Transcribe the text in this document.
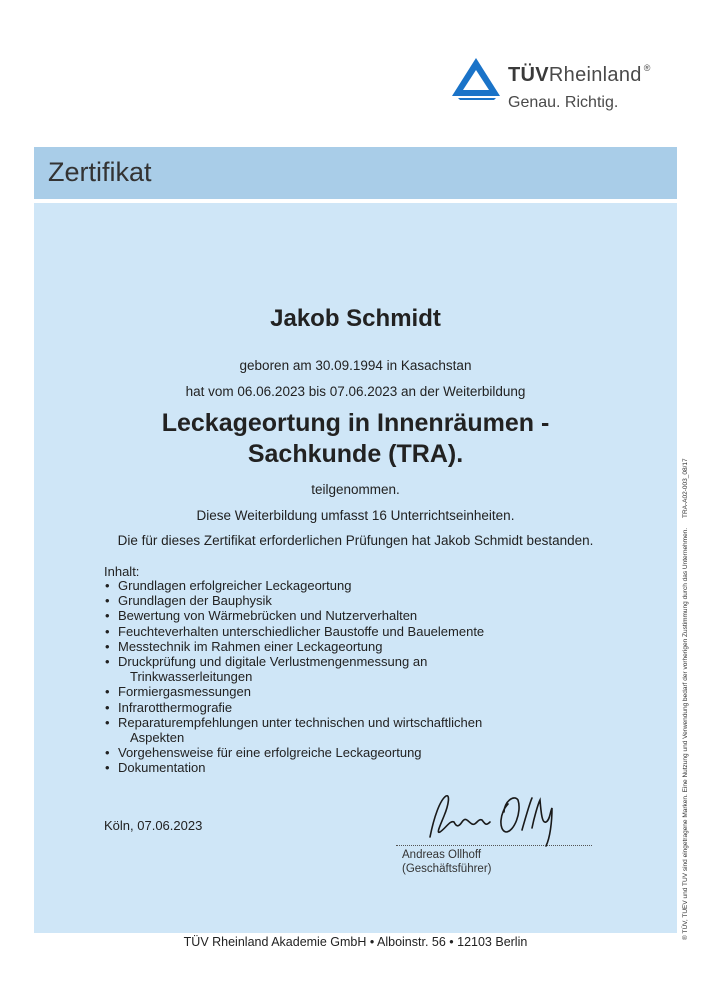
TÜVRheinland ®
Genau. Richtig.
Zertifikat
Jakob Schmidt
geboren am 30.09.1994 in Kasachstan
hat vom 06.06.2023 bis 07.06.2023 an der Weiterbildung
Leckageortung in Innenräumen -
Sachkunde (TRA).
teilgenommen.
Diese Weiterbildung umfasst 16 Unterrichtseinheiten.
Die für dieses Zertifikat erforderlichen Prüfungen hat Jakob Schmidt bestanden.
Inhalt:
• Grundlagen erfolgreicher Leckageortung
• Grundlagen der Bauphysik
• Bewertung von Wärmebrücken und Nutzerverhalten
• Feuchteverhalten unterschiedlicher Baustoffe und Bauelemente
• Messtechnik im Rahmen einer Leckageortung
• Druckprüfung und digitale Verlustmengenmessung an
Trinkwasserleitungen
• Formiergasmessungen
• Infrarotthermografie
• Reparaturempfehlungen unter technischen und wirtschaftlichen
Aspekten
• Vorgehensweise für eine erfolgreiche Leckageortung
• Dokumentation
Köln, 07.06.2023
Andreas Ollhoff
(Geschäftsführer)
TÜV Rheinland Akademie GmbH • Alboinstr. 56 • 12103 Berlin
TRA-A02-003_08/17
® TÜV, TUEV und TUV sind eingetragene Marken. Eine Nutzung und Verwendung bedarf der vorherigen Zustimmung durch das Unternehmen.
